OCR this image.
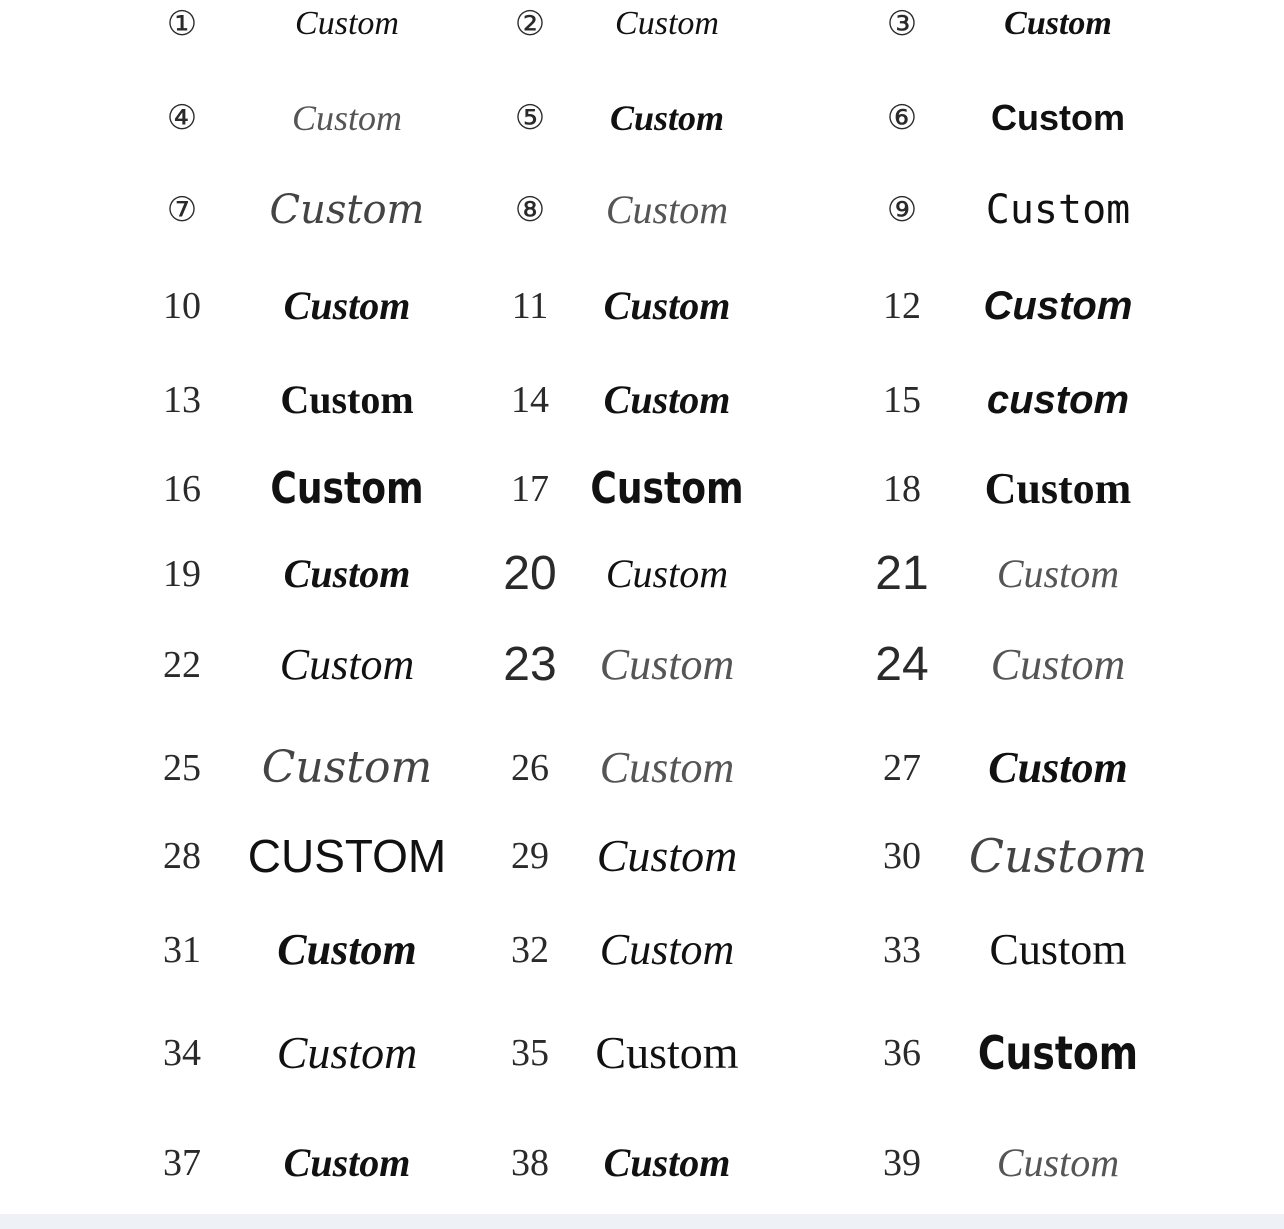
①	Custom	②	Custom	③	Custom
④	Custom	⑤	Custom	⑥	Custom
⑦	Custom	⑧	Custom	⑨	Custom
10	Custom	11	Custom	12	Custom
13	Custom	14	Custom	15	custom
16	Custom	17 Custom	18	Custom
19	Custom	20	Custom	21	Custom
22	Custom	23 Custom	24	Custom
25	Custom	26	Custom	27	Custom
28	CUSTOM	29	Custom	30	Custom
31	Custom	32	Custom	33	Custom
34	Custom	35	Custom	36	Custom
37	Custom	38	Custom	39	Custom
